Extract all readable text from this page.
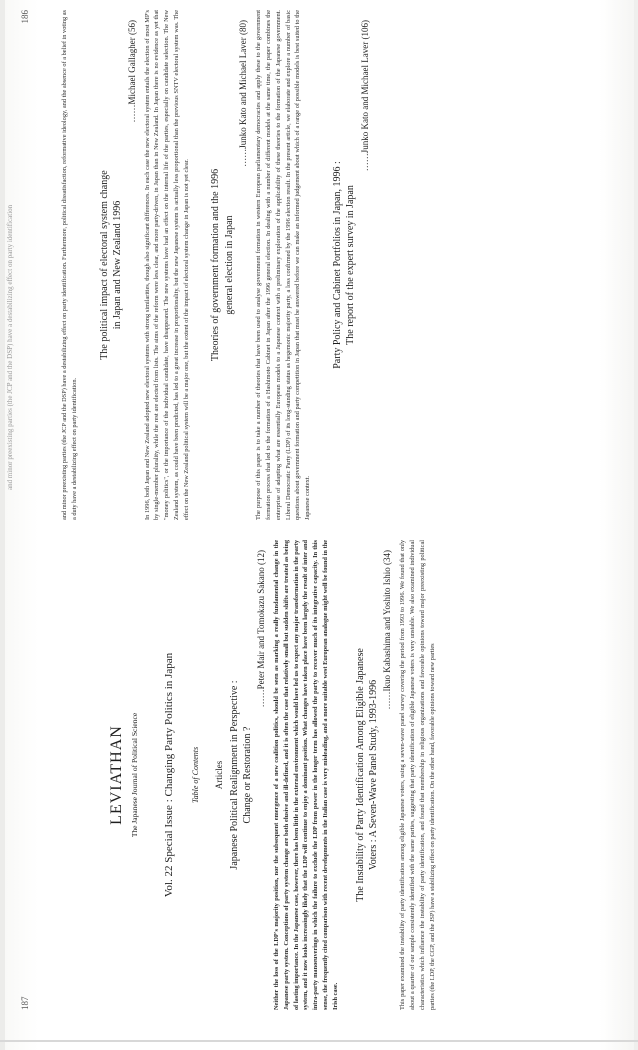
and minor preexisting parties (the JCP and the DSP) have a destabilizing effect on party identification
187
LEVIATHAN The Japanese Journal of Political Science Vol. 22 Special Issue : Changing Party Politics in Japan Table of Contents Articles Japanese Political Realignment in Perspective : Change or Restoration ?
……Peter Mair and Tomokazu Sakano (12) Neither the loss of the LDP's majority position, nor the subsequent emergence of a new coalition politics, should be seen as marking a really fundamental change in the Japanese party system. Conceptions of party system change are both elusive and ill-defined, and it is often the case that relatively small but sudden shifts are treated as being of lasting importance. In the Japanese case, however, there has been little in the external environment which would have led us to expect any major transformation in the party system, and it now looks increasingly likely that the LDP will continue to enjoy a dominant position. What changes have taken place have been largely the result of inter and intra-party manoeuverings in which the failure to exclude the LDP from power in the longer term has allowed the party to recover much of its integrative capacity. In this sense, the frequently cited comparison with recent developments in the Italian case is very misleading, and a more suitable west European analogue might well be found in the Irish case.
The Instability of Party Identification Among Eligible Japanese Voters : A Seven-Wave Panel Study, 1993-1996
……Ikuo Kabashima and Yoshito Ishio (34) This paper examined the instability of party identification among eligible Japanese voters, using a seven-wave panel survey covering the period from 1993 to 1996. We found that only about a quarter of our sample consistently identified with the same parties, suggesting that party identification of eligible Japanese voters is very unstable. We also examined individual characteristics which influence the instability of party identification, and found that membership in religious organizations and favorable opinions toward major preexisting political parties (the LDP, the CGP, and the JSP) have a stabilizing effect on party identification. On the other hand, favorable opinions toward new parties
186	and minor preexisting parties (the JCP and the DSP) have a destabilizing effect on party identification. Furthermore, political dissatisfaction, reformative ideology, and the absence of a belief in voting as a duty have a destabilizing effect on party identification.
The political impact of electoral system change in Japan and New Zealand 1996
……Michael Gallagher (56) In 1996, both Japan and New Zealand adopted new electoral systems with strong similarities, though also significant differences. In each case the new electoral system entails the election of most MP's by single-member plurality, while the rest are elected from lists. The aims of the reform were less clear, and more party-driven, in Japan than in New Zealand. In Japan there is no evidence as yet that "money politics", or the importance of the individual candidate, have disappeared. The new systems have had an effect on the internal life of the parties, especially on candidate selection. The New Zealand system, as could have been predicted, has led to a great increase in proportionality, but the new Japanese system is actually less proportional than the previous SNTV electoral system was. The effect on the New Zealand political system will be a major one, but the extent of the impact of electoral system change in Japan is not yet clear. Theories of government formation and the 1996 general election in Japan
……Junko Kato and Michael Laver (80) The purpose of this paper is to take a number of theories that have been used to analyse government formation in western European parliamentary democracies and apply these to the government formation process that led to the formation of a Hashimoto Cabinet in Japan after the 1996 general election. In dealing with a number of different models at the same time, the paper combines the enterprise of adapting what are essentially European models to a Japanese context with a preliminary exploration of the applicability of these theories to the formation of the Japanese government. Liberal Democratic Party (LDP) of its long-standing status as hegemonic majority party, a loss confirmed by the 1996 election result. In the present article, we elaborate and explore a number of basic questions about government formation and party competition in Japan that must be answered before we can make an informed judgement about which of a range of possible models is best suited to the Japanese context.
Party Policy and Cabinet Portfolios in Japan, 1996 : The report of the expert survey in Japan
……Junko Kato and Michael Laver (106)
